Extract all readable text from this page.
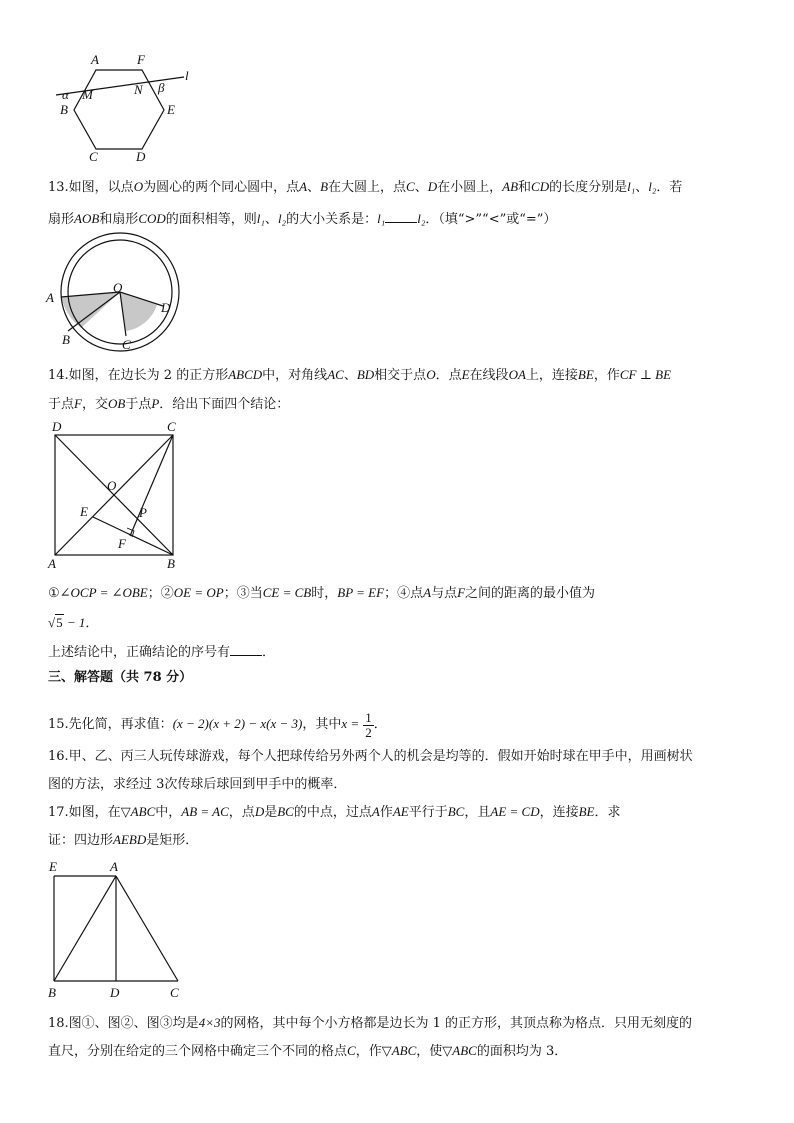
A	F
l
α M	N β
B	E
C	D
13.如图，以点O为圆心的两个同心圆中，点A、B在大圆上，点C、D在小圆上，AB和CD的长度分别是l₁、l₂．若
扇形AOB和扇形COD的面积相等，则l₁、l₂的大小关系是：l₁ l₂．（填“>”“<”或“=”）
O
A
D
B	C
14.如图，在边长为 2 的正方形ABCD中，对角线AC、BD相交于点O．点E在线段OA上，连接BE，作CF ⊥ BE
于点F，交OB于点P．给出下面四个结论：
D	C
O
E	P
F
A	B
①∠OCP = ∠OBE；②OE = OP；③当CE = CB时，BP = EF；④点A与点F之间的距离的最小值为
√5 − 1．
上述结论中，正确结论的序号有 ．
三、解答题（共 78 分）
15.先化简，再求值：(x − 2)(x + 2) − x(x − 3)，其中$x = \frac{1}{2}$ ．
16.甲、乙、丙三人玩传球游戏，每个人把球传给另外两个人的机会是均等的．假如开始时球在甲手中，用画树状
图的方法，求经过 3次传球后球回到甲手中的概率．
17.如图，在▽ABC中，AB = AC，点D是BC的中点，过点A作AE平行于BC，且AE = CD，连接BE．求
证：四边形AEBD是矩形．
E	A
B	D	C
18.图①、图②、图③均是4×3的网格，其中每个小方格都是边长为 1 的正方形，其顶点称为格点．只用无刻度的
直尺，分别在给定的三个网格中确定三个不同的格点C，作▽ABC，使▽ABC的面积均为 3．
